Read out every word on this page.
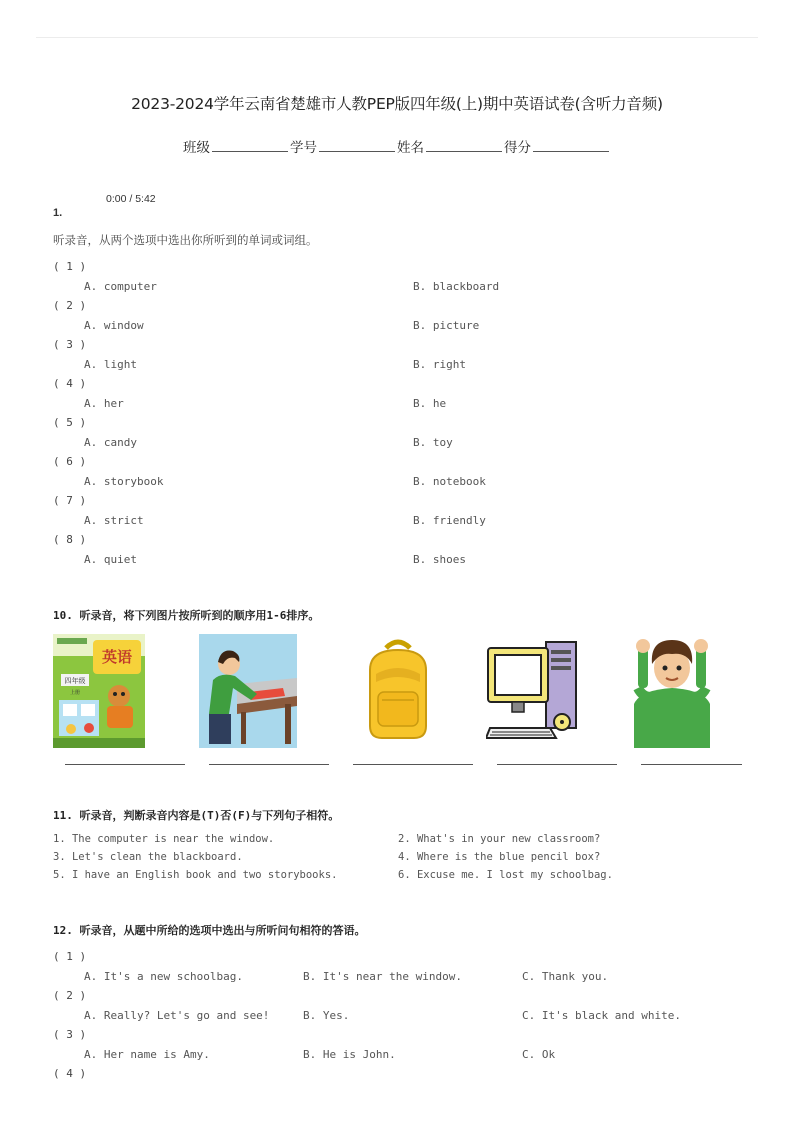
2023-2024学年云南省楚雄市人教PEP版四年级(上)期中英语试卷(含听力音频)
班级	学号	姓名	得分
0:00 / 5:42
1.
听录音，从两个选项中选出你所听到的单词或词组。
( 1 )
A. computer	B. blackboard
( 2 )
A. window	B. picture
( 3 )
A. light	B. right
( 4 )
A. her	B. he
( 5 )
A. candy	B. toy
( 6 )
A. storybook	B. notebook
( 7 )
A. strict	B. friendly
( 8 )
A. quiet	B. shoes
10. 听录音，将下列图片按所听到的顺序用1-6排序。
英语
四年级
上册
11. 听录音，判断录音内容是(T)否(F)与下列句子相符。
1. The computer is near the window.	2. What's in your new classroom?
3. Let's clean the blackboard.	4. Where is the blue pencil box?
5. I have an English book and two storybooks.	6. Excuse me. I lost my schoolbag.
12. 听录音，从题中所给的选项中选出与所听问句相符的答语。
( 1 )
A. It's a new schoolbag.	B. It's near the window.	C. Thank you.
( 2 )
A. Really? Let's go and see!	B. Yes.	C. It's black and white.
( 3 )
A. Her name is Amy.	B. He is John.	C. Ok
( 4 )
